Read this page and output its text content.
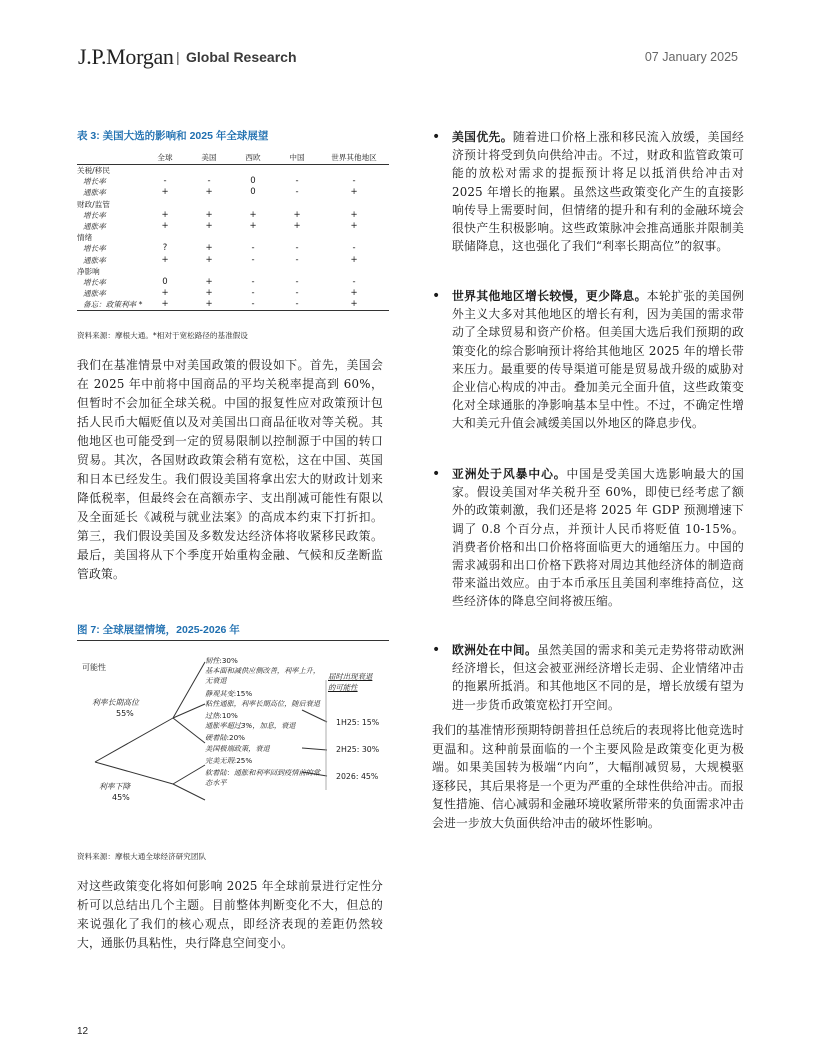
J.P.Morgan | Global Research	07 January 2025
表 3: 美国大选的影响和 2025 年全球展望
	全球	美国	西欧	中国	世界其他地区
关税/移民					
增长率	-	-	0	-	-
通胀率	+	+	0	-	+
财政/监管					
增长率	+	+	+	+	+
通胀率	+	+	+	+	+
情绪					
增长率	?	+	-	-	-
通胀率	+	+	-	-	+
净影响					
增长率	0	+	-	-	-
通胀率	+	+	-	-	+
备忘：政策利率 *	+	+	-	-	+
资料来源：摩根大通。*相对于宽松路径的基准假设
我们在基准情景中对美国政策的假设如下。首先，美国会在 2025 年中前将中国商品的平均关税率提高到 60%，但暂时不会加征全球关税。中国的报复性应对政策预计包括人民币大幅贬值以及对美国出口商品征收对等关税。其他地区也可能受到一定的贸易限制以控制源于中国的转口贸易。其次，各国财政政策会稍有宽松，这在中国、英国和日本已经发生。我们假设美国将拿出宏大的财政计划来降低税率，但最终会在高额赤字、支出削减可能性有限以及全面延长《减税与就业法案》的高成本约束下打折扣。第三，我们假设美国及多数发达经济体将收紧移民政策。最后，美国将从下个季度开始重构金融、气候和反垄断监管政策。
图 7: 全球展望情境，2025-2026 年
可能性
利率长期高位
55%
利率下降
45%
韧性:30%
基本面和减供应侧改善，利率上升，无衰退
静观其变:15%
粘性通胀，利率长期高位，随后衰退
过热:10%
通胀率超过3%，加息，衰退
硬着陆:20%
美国极端政策，衰退
完美无瑕:25%
软着陆：通胀和利率回到疫情前的常态水平
届时出现衰退的可能性
1H25: 15%
2H25: 30%
2026: 45%
资料来源：摩根大通全球经济研究团队
对这些政策变化将如何影响 2025 年全球前景进行定性分析可以总结出几个主题。目前整体判断变化不大，但总的来说强化了我们的核心观点，即经济表现的差距仍然较大，通胀仍具粘性，央行降息空间变小。
• 美国优先。随着进口价格上涨和移民流入放缓，美国经济预计将受到负向供给冲击。不过，财政和监管政策可能的放松对需求的提振预计将足以抵消供给冲击对 2025 年增长的拖累。虽然这些政策变化产生的直接影响传导上需要时间，但情绪的提升和有利的金融环境会很快产生积极影响。这些政策脉冲会推高通胀并限制美联储降息，这也强化了我们“利率长期高位”的叙事。
• 世界其他地区增长较慢，更少降息。本轮扩张的美国例外主义大多对其他地区的增长有利，因为美国的需求带动了全球贸易和资产价格。但美国大选后我们预期的政策变化的综合影响预计将给其他地区 2025 年的增长带来压力。最重要的传导渠道可能是贸易战升级的威胁对企业信心构成的冲击。叠加美元全面升值，这些政策变化对全球通胀的净影响基本呈中性。不过，不确定性增大和美元升值会减缓美国以外地区的降息步伐。
• 亚洲处于风暴中心。中国是受美国大选影响最大的国家。假设美国对华关税升至 60%，即使已经考虑了额外的政策刺激，我们还是将 2025 年 GDP 预测增速下调了 0.8 个百分点，并预计人民币将贬值 10-15%。消费者价格和出口价格将面临更大的通缩压力。中国的需求减弱和出口价格下跌将对周边其他经济体的制造商带来溢出效应。由于本币承压且美国利率维持高位，这些经济体的降息空间将被压缩。
• 欧洲处在中间。虽然美国的需求和美元走势将带动欧洲经济增长，但这会被亚洲经济增长走弱、企业情绪冲击的拖累所抵消。和其他地区不同的是，增长放缓有望为进一步货币政策宽松打开空间。
我们的基准情形预期特朗普担任总统后的表现将比他竞选时更温和。这种前景面临的一个主要风险是政策变化更为极端。如果美国转为极端“内向”，大幅削减贸易，大规模驱逐移民，其后果将是一个更为严重的全球性供给冲击。而报复性措施、信心减弱和金融环境收紧所带来的负面需求冲击会进一步放大负面供给冲击的破坏性影响。
12
